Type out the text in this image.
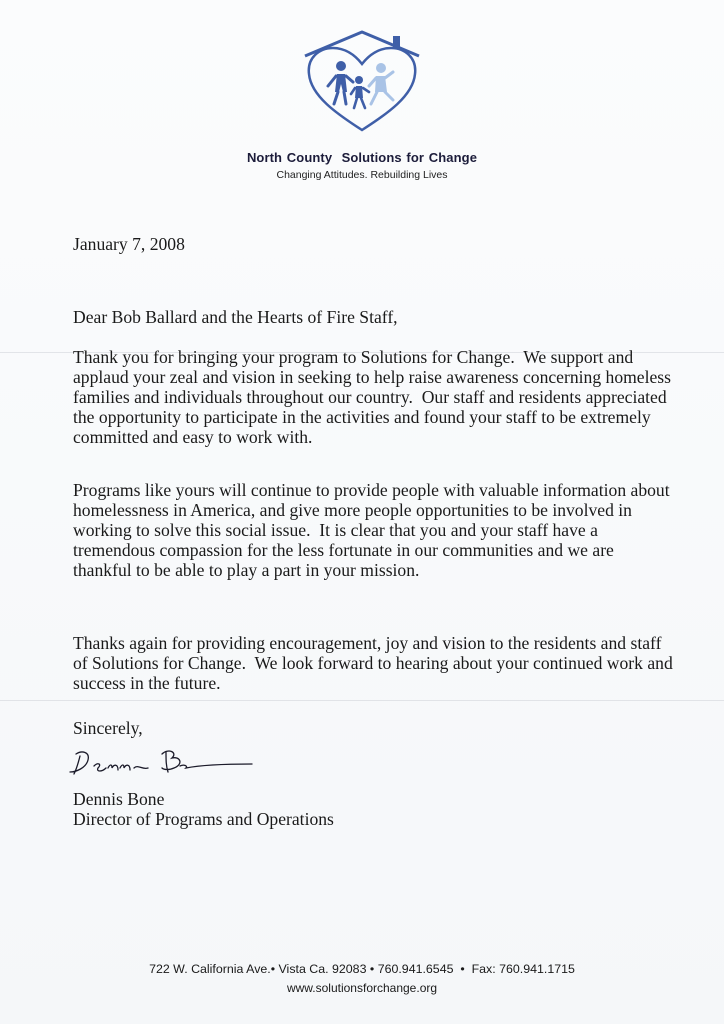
North County  Solutions for Change
Changing Attitudes. Rebuilding Lives
January 7, 2008
Dear Bob Ballard and the Hearts of Fire Staff,
Thank you for bringing your program to Solutions for Change.  We support and applaud your zeal and vision in seeking to help raise awareness concerning homeless families and individuals throughout our country.  Our staff and residents appreciated the opportunity to participate in the activities and found your staff to be extremely committed and easy to work with.
Programs like yours will continue to provide people with valuable information about homelessness in America, and give more people opportunities to be involved in working to solve this social issue.  It is clear that you and your staff have a tremendous compassion for the less fortunate in our communities and we are thankful to be able to play a part in your mission.
Thanks again for providing encouragement, joy and vision to the residents and staff of Solutions for Change.  We look forward to hearing about your continued work and success in the future.
Sincerely,
Dennis Bone
Director of Programs and Operations
722 W. California Ave.• Vista Ca. 92083 • 760.941.6545  •  Fax: 760.941.1715
www.solutionsforchange.org
